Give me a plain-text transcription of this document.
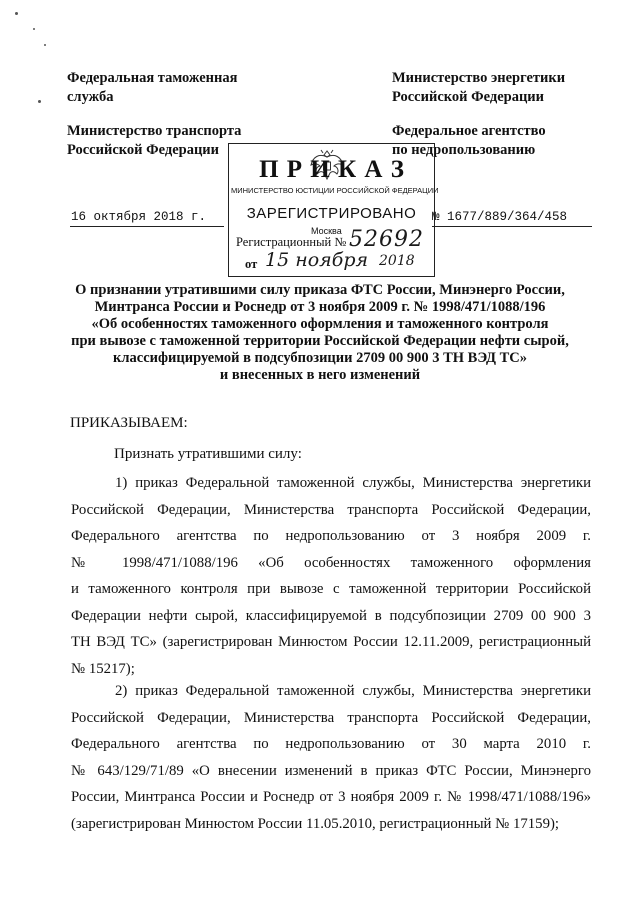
Федеральная таможенная
служба
Министерство энергетики
Российской Федерации
Министерство транспорта
Российской Федерации
Федеральное агентство
по недропользованию
П Р И К А З
МИНИСТЕРСТВО ЮСТИЦИИ РОССИЙСКОЙ ФЕДЕРАЦИИ
ЗАРЕГИСТРИРОВАНО
Москва
Регистрационный № 52692
от 15 ноября 2018
16 октября 2018 г.	№ 1677/889/364/458
О признании утратившими силу приказа ФТС России, Минэнерго России,
Минтранса России и Роснедр от 3 ноября 2009 г. № 1998/471/1088/196
«Об особенностях таможенного оформления и таможенного контроля
при вывозе с таможенной территории Российской Федерации нефти сырой,
классифицируемой в подсубпозиции 2709 00 900 3 ТН ВЭД ТС»
и внесенных в него изменений
ПРИКАЗЫВАЕМ:
Признать утратившими силу:
1) приказ Федеральной таможенной службы, Министерства энергетики
Российской Федерации, Министерства транспорта Российской Федерации,
Федерального агентства по недропользованию от 3 ноября 2009 г.
№ 1998/471/1088/196 «Об особенностях таможенного оформления
и таможенного контроля при вывозе с таможенной территории Российской
Федерации нефти сырой, классифицируемой в подсубпозиции 2709 00 900 3
ТН ВЭД ТС» (зарегистрирован Минюстом России 12.11.2009, регистрационный
№ 15217);
2) приказ Федеральной таможенной службы, Министерства энергетики
Российской Федерации, Министерства транспорта Российской Федерации,
Федерального агентства по недропользованию от 30 марта 2010 г.
№ 643/129/71/89 «О внесении изменений в приказ ФТС России, Минэнерго
России, Минтранса России и Роснедр от 3 ноября 2009 г. № 1998/471/1088/196»
(зарегистрирован Минюстом России 11.05.2010, регистрационный № 17159);
